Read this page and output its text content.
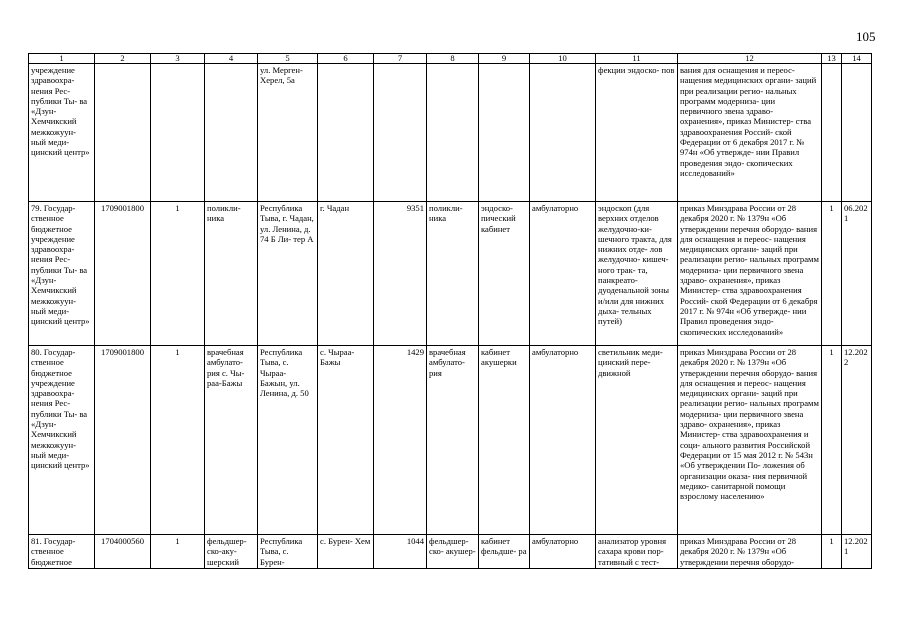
105
1	2	3	4	5	6	7	8	9	10	11	12	13	14
учреждение здравоохра- нения Рес- публики Ты- ва «Дзун- Хемчикский межкожуун- ный меди- цинский центр»				ул. Мерген- Херел, 5а						фекции эндоско- пов	вания для оснащения и переос- нащения медицинских органи- заций при реализации регио- нальных программ модерниза- ции первичного звена здраво- охранения», приказ Министер- ства здравоохранения Россий- ской Федерации от 6 декабря 2017 г. № 974н «Об утвержде- нии Правил проведения эндо- скопических исследований»		
79. Государ- ственное бюджетное учреждение здравоохра- нения Рес- публики Ты- ва «Дзун- Хемчикский межкожуун- ный меди- цинский центр»	1709001800	1	поликли- ника	Республика Тыва, г. Чадан, ул. Ленина, д. 74 Б Ли- тер А	г. Чадан	9351	поликли- ника	эндоско- пический кабинет	амбулаторно	эндоскоп (для верхних отделов желудочно-ки- шечного тракта, для нижних отде- лов желудочно- кишеч-ного трак- та, панкреато- дуоденальной зоны и/или для нижних дыха- тельных путей)	приказ Минздрава России от 28 декабря 2020 г. № 1379н «Об утверждении перечня оборудо- вания для оснащения и переос- нащения медицинских органи- заций при реализации регио- нальных программ модерниза- ции первичного звена здраво- охранения», приказ Министер- ства здравоохранения Россий- ской Федерации от 6 декабря 2017 г. № 974н «Об утвержде- нии Правил проведения эндо- скопических исследований»	1	06.2021
80. Государ- ственное бюджетное учреждение здравоохра- нения Рес- публики Ты- ва «Дзун- Хемчикский межкожуун- ный меди- цинский центр»	1709001800	1	врачебная амбулато- рия с. Чы- раа-Бажы	Республика Тыва, с. Чыраа- Бажын, ул. Ленина, д. 50	с. Чыраа- Бажы	1429	врачебная амбулато- рия	кабинет акушерки	амбулаторно	светильник меди- цинский пере- движной	приказ Минздрава России от 28 декабря 2020 г. № 1379н «Об утверждении перечня оборудо- вания для оснащения и переос- нащения медицинских органи- заций при реализации регио- нальных программ модерниза- ции первичного звена здраво- охранения», приказ Министер- ства здравоохранения и соци- ального развития Российской Федерации от 15 мая 2012 г. № 543н «Об утверждении По- ложения об организации оказа- ния первичной медико- санитарной помощи взрослому населению»	1	12.2022
81. Государ- ственное бюджетное	1704000560	1	фельдшер- ско-аку- шерский	Республика Тыва, с. Бурен-	с. Бурен- Хем	1044	фельдшер- ско- акушер-	кабинет фельдше- ра	амбулаторно	анализатор уровня сахара крови пор- тативный с тест-	приказ Минздрава России от 28 декабря 2020 г. № 1379н «Об утверждении перечня оборудо-	1	12.2021
